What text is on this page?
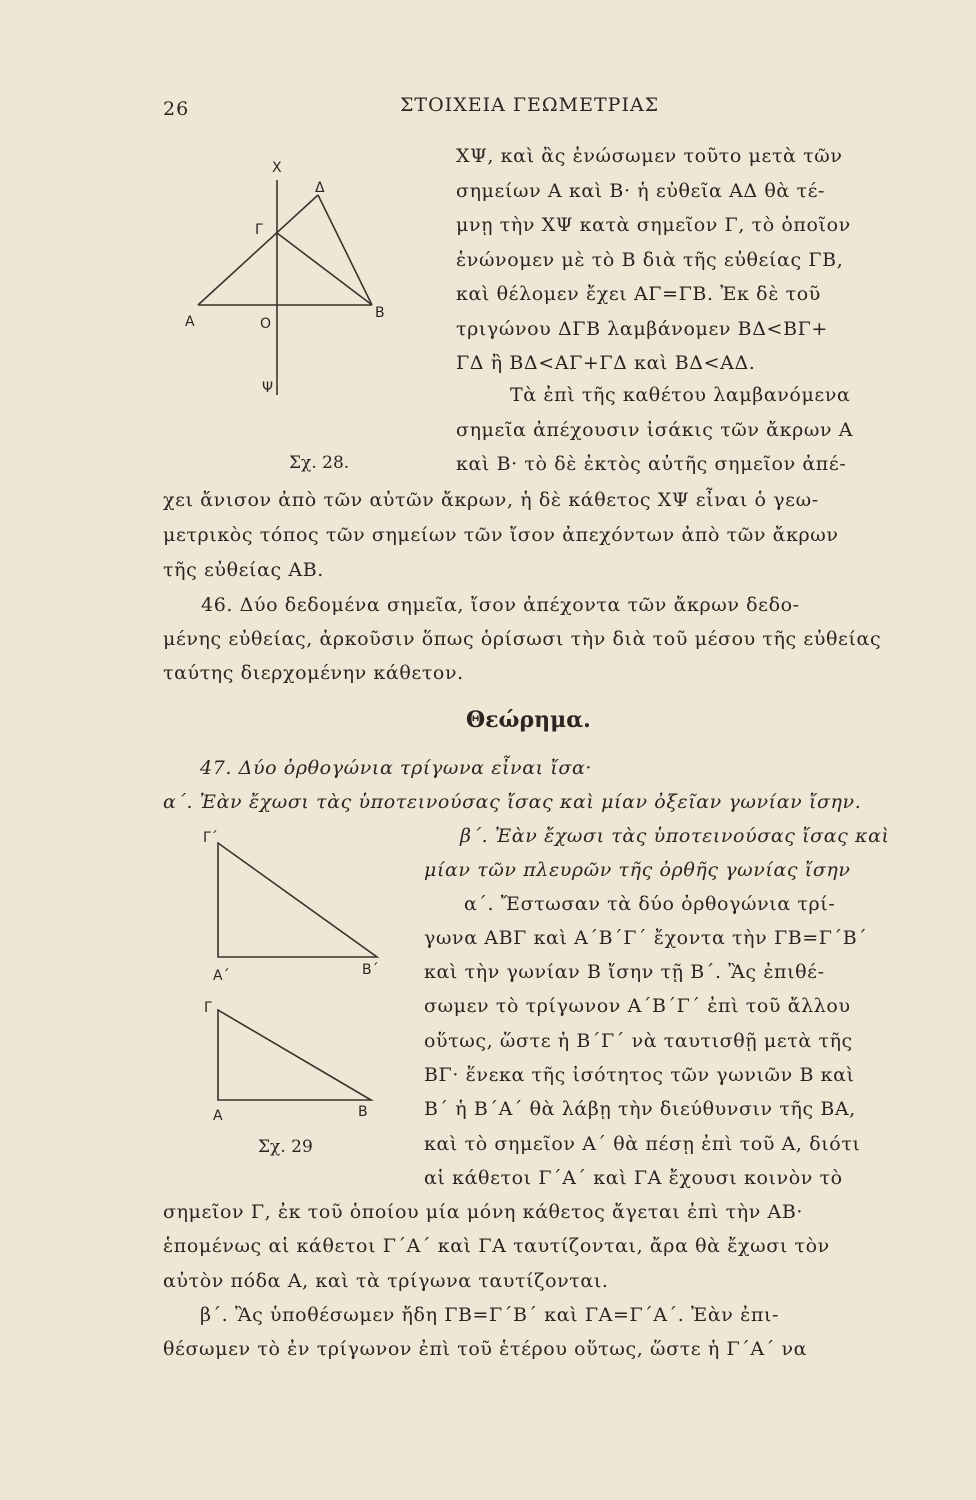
26	ΣΤΟΙΧΕΙΑ ΓΕΩΜΕΤΡΙΑΣ
X
Δ
Γ
A	O
B
Ψ
Σχ. 28.
ΧΨ, καὶ ἂς ἑνώσωμεν τοῦτο μετὰ τῶν
σημείων Α καὶ Β· ἡ εὐθεῖα ΑΔ θὰ τέ-
μνῃ τὴν ΧΨ κατὰ σημεῖον Γ, τὸ ὁποῖον
ἑνώνομεν μὲ τὸ Β διὰ τῆς εὐθείας ΓΒ,
καὶ θέλομεν ἔχει ΑΓ=ΓΒ. Ἐκ δὲ τοῦ
τριγώνου ΔΓΒ λαμβάνομεν ΒΔ<ΒΓ+
ΓΔ ἢ ΒΔ<ΑΓ+ΓΔ καὶ ΒΔ<ΑΔ.
Τὰ ἐπὶ τῆς καθέτου λαμβανόμενα
σημεῖα ἀπέχουσιν ἰσάκις τῶν ἄκρων Α
καὶ Β· τὸ δὲ ἐκτὸς αὐτῆς σημεῖον ἀπέ-
χει ἄνισον ἀπὸ τῶν αὐτῶν ἄκρων, ἡ δὲ κάθετος ΧΨ εἶναι ὁ γεω-
μετρικὸς τόπος τῶν σημείων τῶν ἴσον ἀπεχόντων ἀπὸ τῶν ἄκρων
τῆς εὐθείας ΑΒ.
46. Δύο δεδομένα σημεῖα, ἴσον ἀπέχοντα τῶν ἄκρων δεδο-
μένης εὐθείας, ἀρκοῦσιν ὅπως ὁρίσωσι τὴν διὰ τοῦ μέσου τῆς εὐθείας
ταύτης διερχομένην κάθετον.
Θεώρημα.
47. Δύο ὀρθογώνια τρίγωνα εἶναι ἴσα·
α΄. Ἐὰν ἔχωσι τὰς ὑποτεινούσας ἴσας καὶ μίαν ὀξεῖαν γωνίαν ἴσην.
β΄. Ἐὰν ἔχωσι τὰς ὑποτεινούσας ἴσας καὶ
μίαν τῶν πλευρῶν τῆς ὀρθῆς γωνίας ἴσην
Γ΄
A΄	B΄
Γ
A	B
Σχ. 29
α΄. Ἔστωσαν τὰ δύο ὀρθογώνια τρί-
γωνα ΑΒΓ καὶ Α΄Β΄Γ΄ ἔχοντα τὴν ΓΒ=Γ΄Β΄
καὶ τὴν γωνίαν Β ἴσην τῇ Β΄. Ἂς ἐπιθέ-
σωμεν τὸ τρίγωνον Α΄Β΄Γ΄ ἐπὶ τοῦ ἄλλου
οὕτως, ὥστε ἡ Β΄Γ΄ νὰ ταυτισθῇ μετὰ τῆς
ΒΓ· ἕνεκα τῆς ἰσότητος τῶν γωνιῶν Β καὶ
Β΄ ἡ Β΄Α΄ θὰ λάβῃ τὴν διεύθυνσιν τῆς ΒΑ,
καὶ τὸ σημεῖον Α΄ θὰ πέσῃ ἐπὶ τοῦ Α, διότι
αἱ κάθετοι Γ΄Α΄ καὶ ΓΑ ἔχουσι κοινὸν τὸ
σημεῖον Γ, ἐκ τοῦ ὁποίου μία μόνη κάθετος ἄγεται ἐπὶ τὴν ΑΒ·
ἑπομένως αἱ κάθετοι Γ΄Α΄ καὶ ΓΑ ταυτίζονται, ἄρα θὰ ἔχωσι τὸν
αὐτὸν πόδα Α, καὶ τὰ τρίγωνα ταυτίζονται.
β΄. Ἂς ὑποθέσωμεν ἤδη ΓΒ=Γ΄Β΄ καὶ ΓΑ=Γ΄Α΄. Ἐὰν ἐπι-
θέσωμεν τὸ ἐν τρίγωνον ἐπὶ τοῦ ἑτέρου οὕτως, ὥστε ἡ Γ΄Α΄ να
